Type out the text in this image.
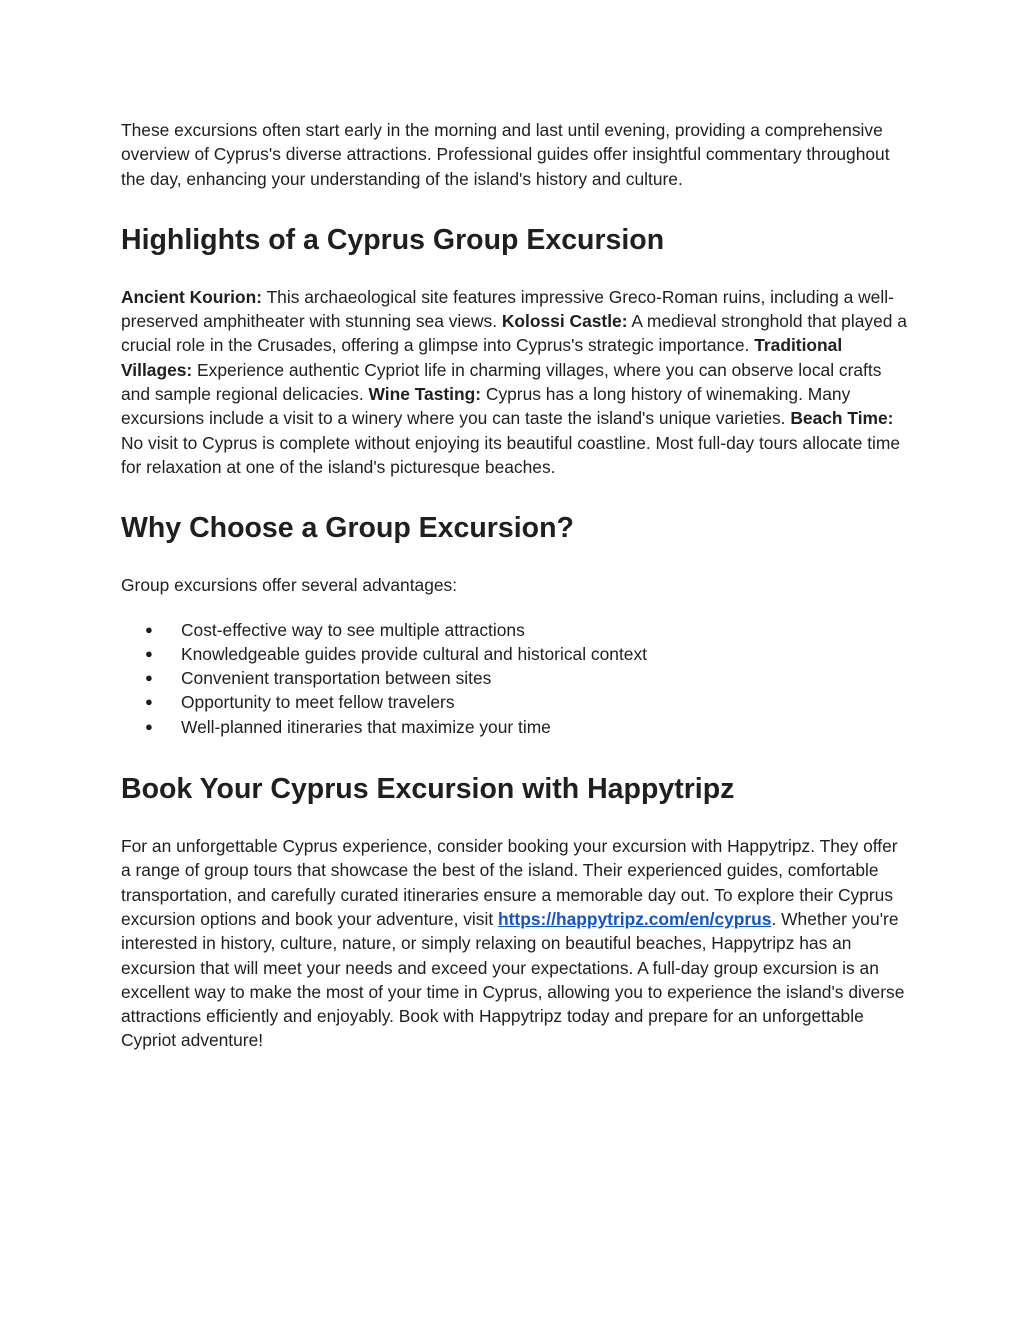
These excursions often start early in the morning and last until evening, providing a comprehensive overview of Cyprus's diverse attractions. Professional guides offer insightful commentary throughout the day, enhancing your understanding of the island's history and culture.

Highlights of a Cyprus Group Excursion

Ancient Kourion: This archaeological site features impressive Greco-Roman ruins, including a well-preserved amphitheater with stunning sea views. Kolossi Castle: A medieval stronghold that played a crucial role in the Crusades, offering a glimpse into Cyprus's strategic importance. Traditional Villages: Experience authentic Cypriot life in charming villages, where you can observe local crafts and sample regional delicacies. Wine Tasting: Cyprus has a long history of winemaking. Many excursions include a visit to a winery where you can taste the island's unique varieties. Beach Time: No visit to Cyprus is complete without enjoying its beautiful coastline. Most full-day tours allocate time for relaxation at one of the island's picturesque beaches.

Why Choose a Group Excursion?

Group excursions offer several advantages:

● Cost-effective way to see multiple attractions
● Knowledgeable guides provide cultural and historical context
● Convenient transportation between sites
● Opportunity to meet fellow travelers
● Well-planned itineraries that maximize your time
Book Your Cyprus Excursion with Happytripz

For an unforgettable Cyprus experience, consider booking your excursion with Happytripz. They offer a range of group tours that showcase the best of the island. Their experienced guides, comfortable transportation, and carefully curated itineraries ensure a memorable day out. To explore their Cyprus excursion options and book your adventure, visit https://happytripz.com/en/cyprus. Whether you're interested in history, culture, nature, or simply relaxing on beautiful beaches, Happytripz has an excursion that will meet your needs and exceed your expectations. A full-day group excursion is an excellent way to make the most of your time in Cyprus, allowing you to experience the island's diverse attractions efficiently and enjoyably. Book with Happytripz today and prepare for an unforgettable Cypriot adventure!
